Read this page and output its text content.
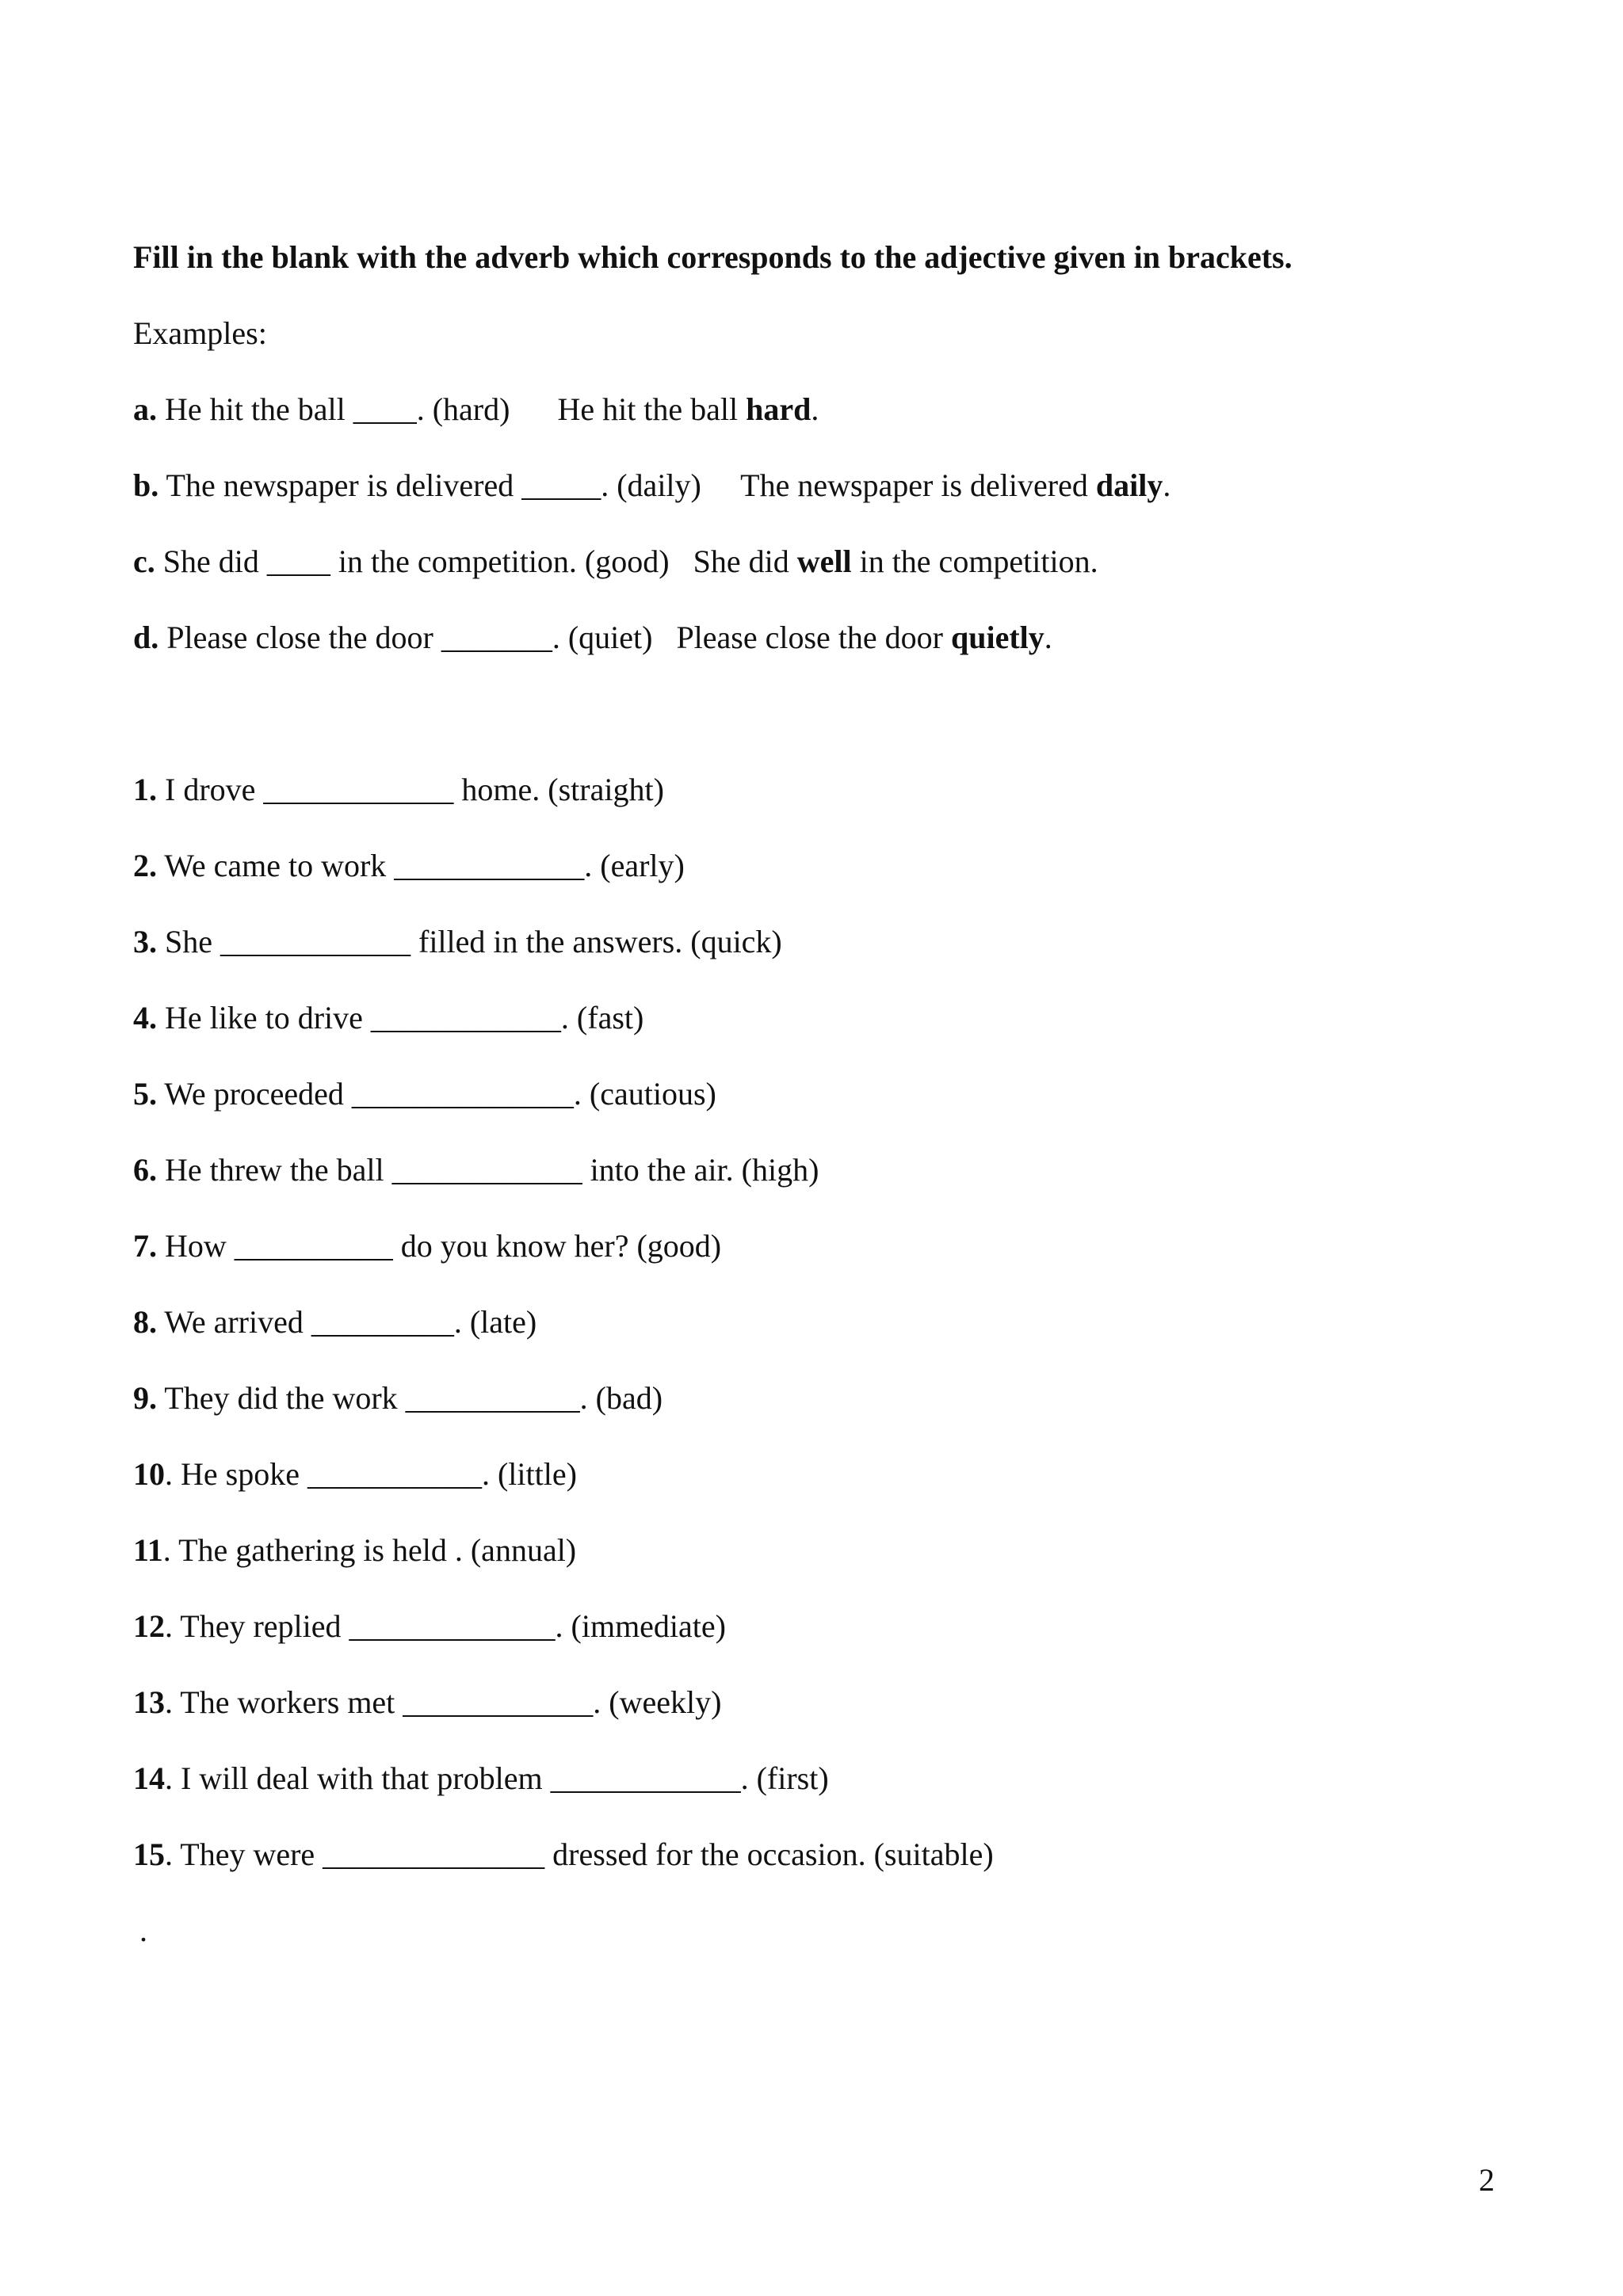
Fill in the blank with the adverb which corresponds to the adjective given in brackets.
Examples:
a. He hit the ball ____. (hard) He hit the ball hard.
b. The newspaper is delivered _____. (daily) The newspaper is delivered daily.
c. She did ____ in the competition. (good) She did well in the competition.
d. Please close the door _______. (quiet) Please close the door quietly.
1. I drove ____________ home. (straight)
2. We came to work ____________. (early)
3. She ____________ filled in the answers. (quick)
4. He like to drive ____________. (fast)
5. We proceeded ______________. (cautious)
6. He threw the ball ____________ into the air. (high)
7. How __________ do you know her? (good)
8. We arrived _________. (late)
9. They did the work ___________. (bad)
10. He spoke ___________. (little)
11. The gathering is held . (annual)
12. They replied _____________. (immediate)
13. The workers met ____________. (weekly)
14. I will deal with that problem ____________. (first)
15. They were ______________ dressed for the occasion. (suitable)
.
2
